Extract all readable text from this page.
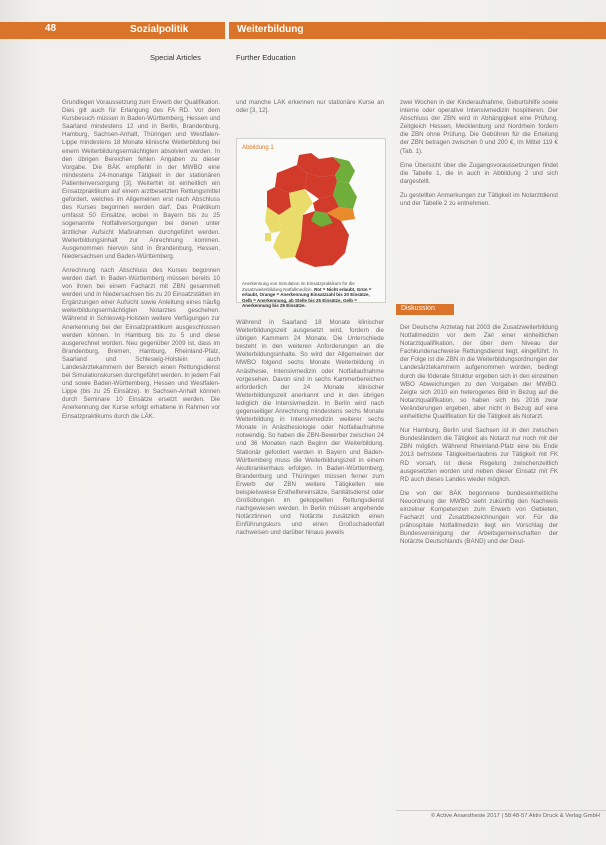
48	Sozialpolitik	Weiterbildung
Special Articles	Further Education

Grundlegen Voraussetzung zum Erwerb der Qualifikation. Dies gilt auch für Erlangung des FA RD. Vor dem Kursbesuch müssen in Baden-Württemberg, Hessen und Saarland mindestens 12 und in Berlin, Brandenburg, Hamburg, Sachsen-Anhalt, Thüringen und Westfalen-Lippe mindestens 18 Monate klinische Weiterbildung bei einem Weiterbildungsermächtigten absolviert werden. In den übrigen Bereichen fehlen Angaben zu dieser Vorgabe. Die BÄK empfiehlt in der MWBO eine mindestens 24-monatige Tätigkeit in der stationären Patientenversorgung [3]. Weiterhin ist einheitlich ein Einsatzpraktikum auf einem arztbesetzten Rettungsmittel gefordert, welches im Allgemeinen erst nach Abschluss des Kurses begonnen werden darf. Das Praktikum umfasst 50 Einsätze, wobei in Bayern bis zu 25 sogenannte Notfallversorgungen bei denen unter ärztlicher Aufsicht Maßnahmen durchgeführt werden. Weiterbildungsinhalt zur Anrechnung kommen. Ausgenommen hiervon sind in Brandenburg, Hessen, Niedersachsen und Baden-Württemberg.

Anrechnung nach Abschluss des Kurses begonnen werden darf. In Baden-Württemberg müssen bereits 10 von ihnen bei einem Facharzt mit ZBN gesammelt werden und in Niedersachsen bis zu 20 Einsatzstätten im Ergänzungen einer Aufsicht sowie Anleitung eines häufig weiterbildungsermächtigten Notarztes geschehen. Während in Schleswig-Holstein weitere Verfügungen zur Anerkennung bei der Einsatzpraktikum ausgeschlossen werden können. In Hamburg bis zu 5 und diese ausgerechnet worden. Neu gegenüber 2009 ist, dass im Brandenburg, Bremen, Hamburg, Rheinland-Pfalz, Saarland und Schleswig-Holstein auch Landesärztekammern der Bereich einen Rettungsdienst bei Simulationskursen durchgeführt werden. In jedem Fall und sowie Baden-Württemberg, Hessen und Westfalen-Lippe (bis zu 25 Einsätze). In Sachsen-Anhalt können durch Seminare 10 Einsätze ersetzt werden. Die Anerkennung der Kurse erfolgt erhaltene in Rahmen vor Einsatzpraktikums durch die LÄK.

und manche LÄK erkennen nur stationäre Kurse an oder [3, 12].

Abbildung 1
Anerkennung von Simulation im Einsatzpraktikum für die Zusatzweiterbildung Notfallmedizin. Rot = Nicht erlaubt, Grün = erlaubt, Orange = Anerkennung Einsatzzahl bis 20 Einsätze, Gelb = Anerkennung, ab Stelle bis 25 Einsätze, Gelb = Anerkennung bis 25 Einsätze.

Während in Saarland 18 Monate klinischer Weiterbildungszeit ausgesetzt wird, fordern die übrigen Kammern 24 Monate. Die Unterschiede besteht in den weiteren Anforderungen an die Weiterbildungsinhalte. So wird der Allgemeinen der MWBO folgend sechs Monate Weiterbildung in Anästhesie, Intensivmedizin oder Notfallaufnahme vorgesehen. Davon sind in sechs Kammerbereichen erforderlich der 24 Monate klinischer Weiterbildungszeit anerkannt und in den übrigen lediglich die Intensivmedizin. In Berlin wird nach gegenseitiger Anrechnung mindestens sechs Monate Weiterbildung in Intensivmedizin weiterer sechs Monate in Anästhesiologie oder Notfallaufnahme notwendig. So haben die ZBN-Bewerber zwischen 24 und 36 Monaten nach Beginn der Weiterbildung. Stationär gefordert werden in Bayern und Baden-Württemberg muss die Weiterbildungszeit in einem Akutkrankenhaus erfolgen. In Baden-Württemberg, Brandenburg und Thüringen müssen ferner zum Erwerb der ZBN weitere Tätigkeiten wie beispielsweise Ersthelfereinsätze, Sanitätsdienst oder Großübungen im gekoppelten Rettungsdienst nachgewiesen werden. In Berlin müssen angehende Notärztinnen und Notärzte zusätzlich einen Einführungskurs und einen Großschadenfall nachweisen und darüber hinaus jeweils

zwei Wochen in der Kinderaufnahme, Geburtshilfe sowie interne oder operative Intensivmedizin hospitieren. Der Abschluss der ZBN wird in Abhängigkeit eine Prüfung. Zeitgleich Hessen, Mecklenburg und Nordrhein fordern die ZBN ohne Prüfung. Die Gebühren für die Erteilung der ZBN betragen zwischen 0 und 200 €, im Mittel 119 € (Tab. 1).

Eine Übersicht über die Zugangsvoraussetzungen findet die Tabelle 1, die in auch in Abbildung 2 und sich dargestellt.

Zu gestellten Anmerkungen zur Tätigkeit im Notarztdienst und der Tabelle 2 zu entnehmen.

Diskussion

Der Deutsche Ärztetag hat 2003 die Zusatzweiterbildung Notfallmedizin vor dem Ziel einer einheitlichen Notarztqualifikation, der über dem Niveau der Fachkundenachweise Rettungsdienst liegt, eingeführt. In der Folge ist die ZBN in die Weiterbildungsordnungen der Landesärztekammern aufgenommen worden, bedingt durch die föderale Struktur ergeben sich in den einzelnen WBO Abweichungen zu den Vorgaben der MWBO. Zeigte sich 2010 ein heterogenes Bild in Bezug auf die Notarztqualifikation, so haben sich bis 2016 zwar Veränderungen ergeben, aber nicht in Bezug auf eine einheitliche Qualifikation für die Tätigkeit als Notarzt.

Nur Hamburg, Berlin und Sachsen ist in den zwischen Bundesländern die Tätigkeit als Notarzt nur noch mit der ZBN möglich. Während Rheinland-Pfalz eine bis Ende 2013 befristete Tätigkeitserlaubnis zur Tätigkeit mit FK RD vorsah, ist diese Regelung zwischenzeitlich ausgesetzten worden und neben dieser Einsatz mit FK RD auch dieses Landes wieder möglich.

Die von der BÄK begonnene bundeseinheitliche Neuordnung der MWBO sieht zukünftig den Nachweis einzelner Kompetenzen zum Erwerb von Gebieten, Facharzt und Zusatzbezeichnungen vor. Für die prähospitale Notfallmedizin liegt ein Vorschlag der Bundesvereinigung der Arbeitsgemeinschaften der Notärzte Deutschlands (BAND) und der Deut-

© Active Anaesthesie 2017 | 58:48-57 Aktiv Druck & Verlag GmbH
